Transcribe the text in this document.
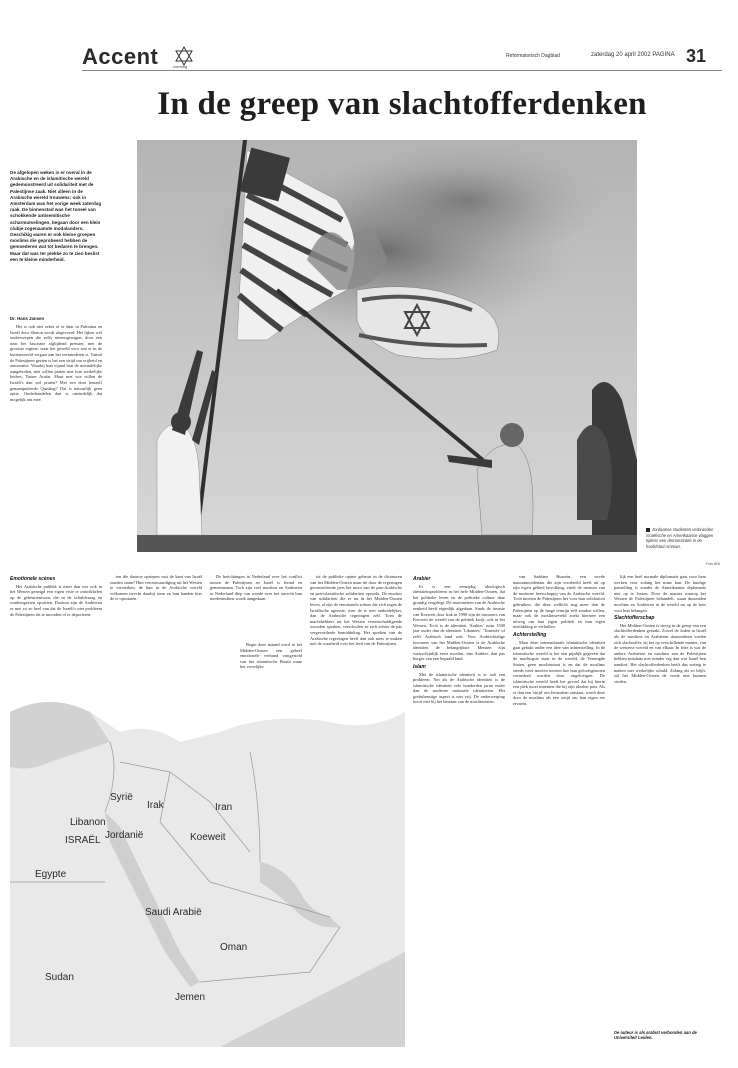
Accent	vorming
Reformatorisch Dagblad	zaterdag 20 april 2002 PAGINA 31
In de greep van slachtofferdenken
Jordaanse studenten verbranden Israëlische en Amerikaanse vlaggen tijdens een demonstratie in de hoofdstad Amman.
Foto AFA
De afgelopen weken is er overal in de Arabische en de islamitische wereld gedemonstreerd uit solidariteit met de Palestijnse zaak. Niet alleen in de Arabische wereld trouwens: ook in Amsterdam was het vorige week zaterdag raak. De binnenstad was het toneel van schokkende antisemitische scharmutselingen, begaan door een klein clubje zogenaamde modalanders. Geschikig waren er ook kleine groepen moslims die geprobeerd hebben de gemoederen wat tot bedaren te brengen. Maar dat was ter plekke zo te zien beslist een te kleine minderheid.
Dr. Hans Jansen

Het is ook niet zeker of er daar in Palestina en Israël door Sharon wordt uitgevoerd. Het lijken wel onderwerpen die zelfs nieuwsgierigen, door een naar het fascisme afglijdend premier, met de grootste regime, waar het geweld voor wat er in de buitenwereld vergaat aan het verminderen is. Vanuit de Palestijnen gezien is het een strijd om vrijheid en autonomie. Waarbij hun vijand hun de uiteindelijke aangeboden, niet willen praten met hun werkelijke leiders, Yasser Arafat. Maar met wie willen de Israëli's dan wel praten? Met een door henzelf gemanipuleerde Quisling? Dat is natuurlijk geen optie. Onderhandelen dan is uiteindelijk dat mogelijk om mee.

Emotionele scènes

Het Arabische publiek is meer dan wie ook in het Westen geneigd een eigen visie te ontwikkelen op de gebeurtenissen, die in de schuldvraag en rondomgezien opvatten. Daarom zijn de Arabieren er met zo zo heel van dat de Israëli's niet probleem de Palestijnen als te moorden of te deporteren.

ten die daartoe opriepen vast de kant van Israël zouden staan? Hun verontwaardiging uit het Westen te versterken, de hun in de Arabische wereld volkomen terecht daarbij stem en hun handen hier de te opwaaien.

De betichtingen in Nederland over het conflict tussen de Palestijnen en Israël is fermd en gemeenzaam. Toch zijn veel moslims en Arabieren in Nederland diep van woede over het onrecht hun medemoslims wordt aangedaan.

Begin deze maand werd in het Midden-Oosten een geheel emotionele verband vastgesteld van het islamitische Boutit maar het vreselijke.

tot de publieke opinie gebeurt in de dictaturen van het Midden-Oosten maar de door de regeringen gecontroleerde pers het mooi van de pan-Arabische en pan-islamitische solidariteit opzoekt. De emoties van solidariteit die er nu in het Midden-Oosten leven, al zijn de emotionele scènes die zich tegen de Israëlische agressie, over de tv niet onduidelijker, dan de Arabische regeringen zelf. Toen de machthebbers uit het Westen verontschuldigende woorden spraken, verschuilen ze zich achter de pas vergevorderde bemiddeling. Het spreken van de Arabische regeringen heeft dan ook niets te maken met de waarheid over het leed van de Palestijnen.

Arabier

Er is een eenzijdig ideologisch identiteitsprobleem in het hele Midden-Oosten, dat het politieke leven en de politieke cultuur daar grondig vergiftigt. De marionetten van de Arabische eenheid heeft eigenlijk afgedaan. Sinds de invasie van Koeweit door Irak in 1990 zijn de inwoners van Koeweit de wereld van de politiek kwijt, ook in het Westen. Toch is de identiteit 'Arabier' ruim 1500 jaar ouder dan de identiteit 'Libanees'. 'Tunesiër' of zelfs Arabisch land ook. Voor Arabischtalige inwoners van het Midden-Oosten is de Arabische identiteit de belangrijkste. Mensen zijn waarschijnlijk eerst moslim, dan Arabier, dan pas burger van een bepaald land.

Islam

Met de islamitische identiteit is er ook een probleem. Net als de Arabische identiteit is de islamitische identiteit vele honderden jaren ouder dan de moderne nationale identiteiten. Het godsdienstige aspect is niet vrij. De onderwerping hoort niet bij het bestaan van de moslimstaten.

van Saddam Hussein, een wrede massamoordenaar die zijn voorbeeld heeft uit op zijn eigen gebied bevolking, vindt de mensen van de moderne heerschappij van de Arabische wereld. Toch moeten de Palestijnen het voor hun solidariteit gebruiken, die deze wellicht nog meer dan de Palestijnen op de lange termijn zelf zouden willen, maar ook de moslimwereld zoekt hiermee een uitweg om hun eigen politiek en hun eigen mislukking te verhullen.

Achterstelling

Maar deze internationale islamitische identiteit gaat gebukt onder een idee van achterstelling. In de islamitische wereld is het een pijnlijk gegeven dat de machtigste staat in de wereld, de Verenigde Staten, geen moslimstaat is en dat de moslims steeds weer moeten toezien hoe hun geloofsgenoten vernederd worden door ongelovigen. De islamitische wereld heeft het gevoel dat hij hierin een plek moet innemen die bij zijn idealen past. Als er dan een 'strijd' om Jeruzalem ontstaat, wordt deze door de moslims als een strijd om hun eigen eer ervaren.

lijk een heel normale diplomatie gaat voor haar werken voor zolang het maar kan. De huidige patstelling is zonder de Amerikaanse diplomatie niet op te lossen. Door de manier waarop het Westen de Palestijnen behandelt, staan duizenden moslims en Arabieren in de wereld nu op de bres voor hun belangen.

Slachtofferschap

Het Midden-Oosten is stevig in de greep van een slachtofferdenken geraakt. Zowel de Joden in Israël als de moslims en Arabieren daaromheen voelen zich slachtoffer, zij het op verschillende manier, van de westerse wereld en van elkaar. In feite is wat de andere Arabieren en moslims aan de Palestijnen hebben misdaan niet minder erg dan wat Israël hen aandoet. Het slachtofferdenken heeft dus weinig te maken met werkelijke schuld. Zolang dit zo blijft, zal het Midden-Oosten de vrede niet kunnen vinden.

De auteur is als arabist verbonden aan de Universiteit Leiden.
Libanon
Syrië
Irak	Iran
ISRAËL Jordanië	Koeweit
Egypte
Saudi Arabië
Sudan
Oman
Jemen
